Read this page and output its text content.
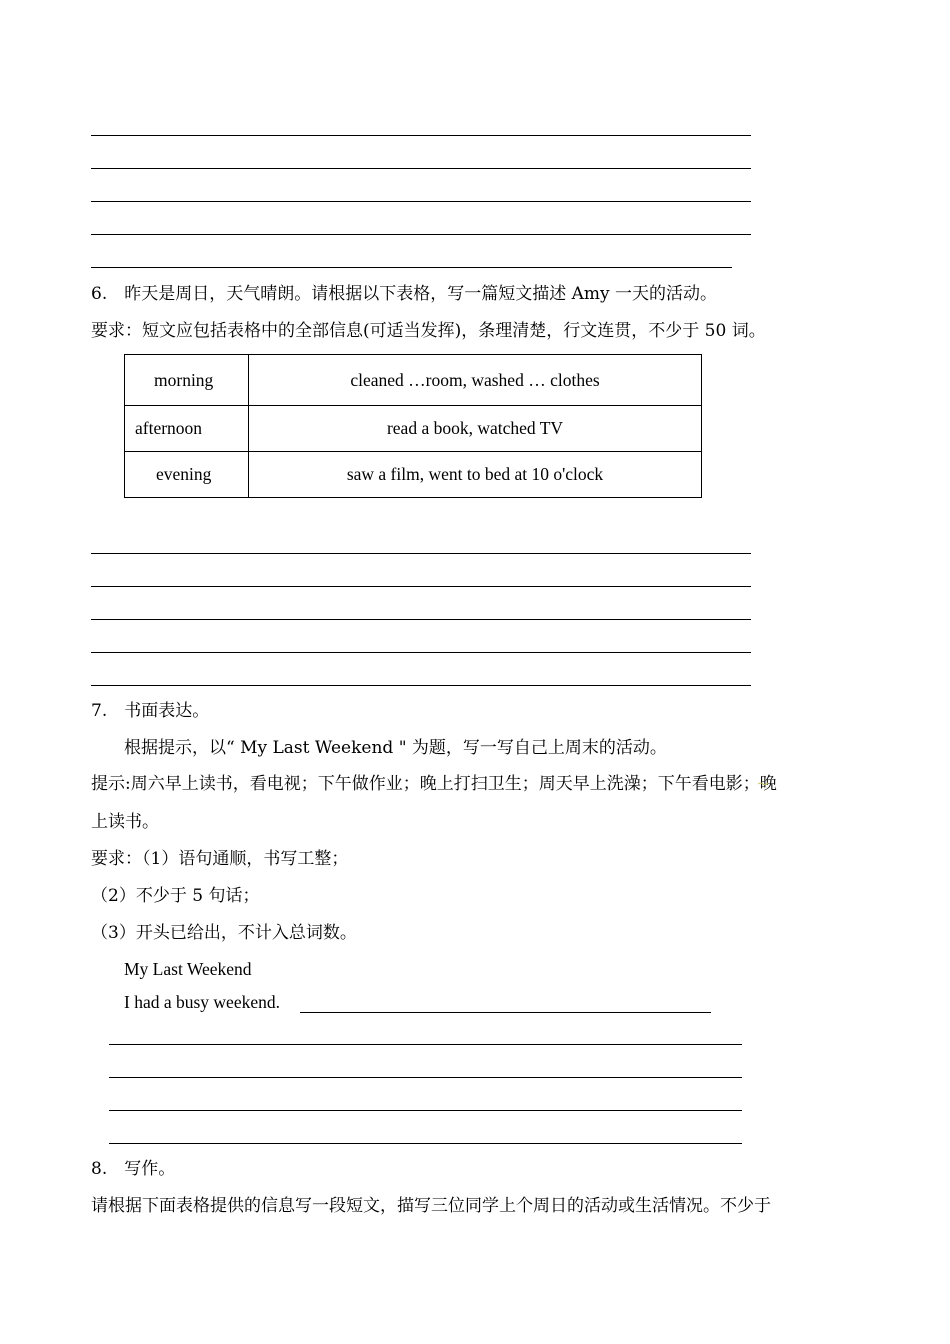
6.　昨天是周日，天气晴朗。请根据以下表格，写一篇短文描述 Amy 一天的活动。
要求：短文应包括表格中的全部信息(可适当发挥)，条理清楚，行文连贯，不少于 50 词。
morning	cleaned …room, washed … clothes
afternoon	read a book, watched TV
evening	saw a film, went to bed at 10 o'clock
7.　书面表达。
根据提示，以“ My Last Weekend " 为题，写一写自己上周末的活动。
提示:周六早上读书，看电视；下午做作业；晚上打扫卫生；周天早上洗澡；下午看电影；晚
上读书。
要求：（1）语句通顺，书写工整；
（2）不少于 5 句话；
（3）开头已给出，不计入总词数。
My Last Weekend
I had a busy weekend.
8.　写作。
请根据下面表格提供的信息写一段短文，描写三位同学上个周日的活动或生活情况。不少于
